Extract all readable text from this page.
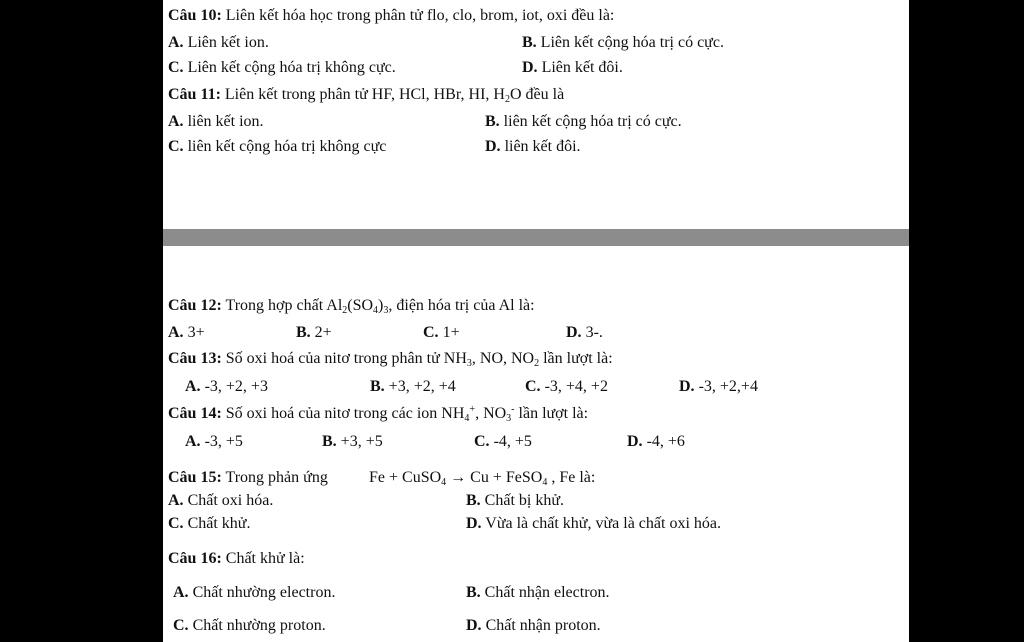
Câu 10: Liên kết hóa học trong phân tử flo, clo, brom, iot, oxi đều là:
A. Liên kết ion.	B. Liên kết cộng hóa trị có cực.
C. Liên kết cộng hóa trị không cực.	D. Liên kết đôi.
Câu 11: Liên kết trong phân tử HF, HCl, HBr, HI, $H_2O$ đều là
A. liên kết ion.	B. liên kết cộng hóa trị có cực.
C. liên kết cộng hóa trị không cực	D. liên kết đôi.
Câu 12: Trong hợp chất $Al_2(SO_4)_3$, điện hóa trị của Al là:
A. 3+	B. 2+	C. 1+	D. 3-.
Câu 13: Số oxi hoá của nitơ trong phân tử $NH_3$, NO, $NO_2$ lần lượt là:
A. -3, +2, +3	B. +3, +2, +4	C. -3, +4, +2	D. -3, +2,+4
Câu 14: Số oxi hoá của nitơ trong các ion $NH_4^+$, $NO_3^-$ lần lượt là:
A. -3, +5	B. +3, +5	C. -4, +5	D. -4, +6
Câu 15: Trong phản ứng	Fe + CuSO$_4$ → Cu + FeSO$_4$ , Fe là:
A. Chất oxi hóa.	B. Chất bị khử.
C. Chất khử.	D. Vừa là chất khử, vừa là chất oxi hóa.
Câu 16: Chất khử là:
A. Chất nhường electron.	B. Chất nhận electron.
C. Chất nhường proton.	D. Chất nhận proton.
